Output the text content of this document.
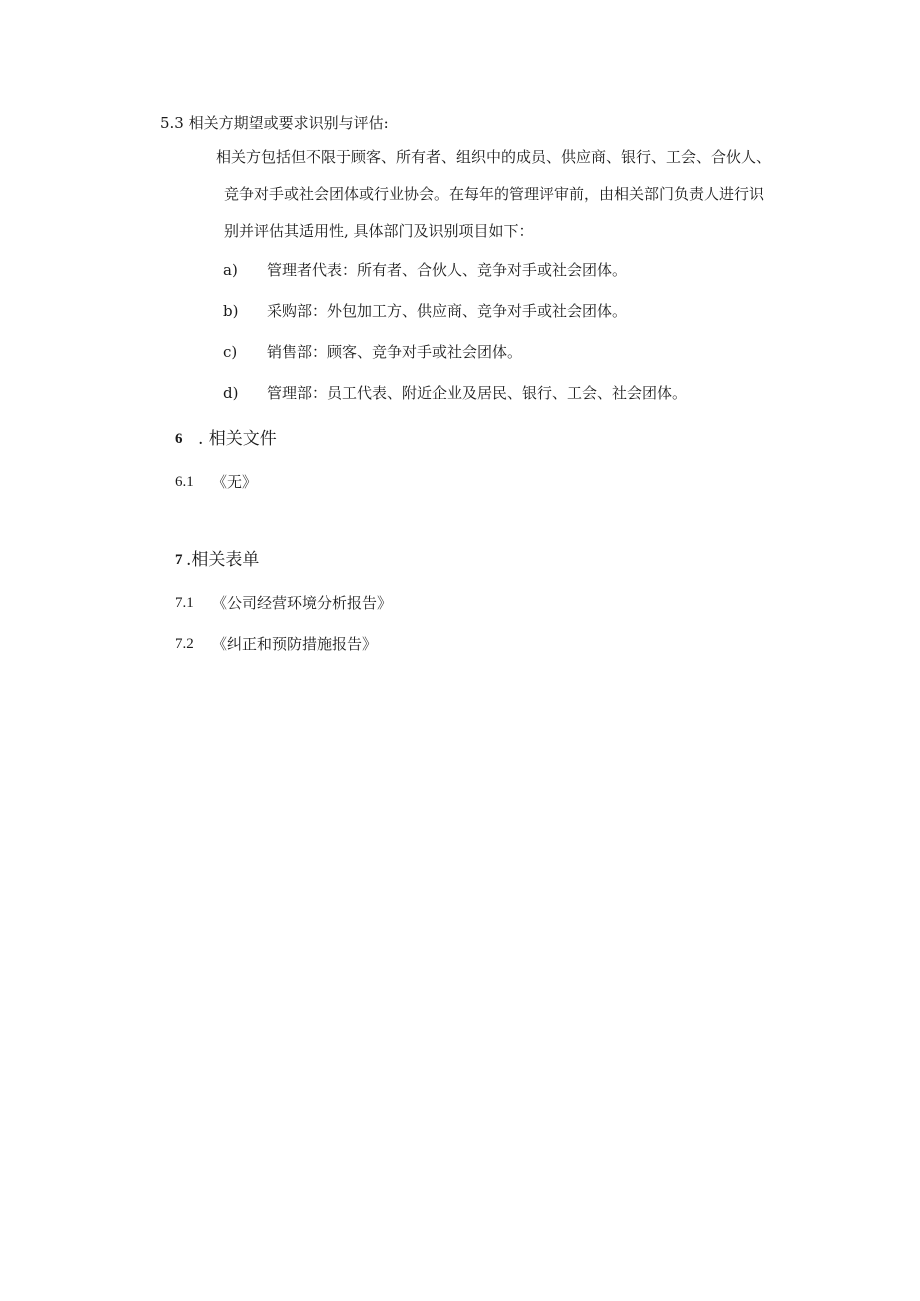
5.3 相关方期望或要求识别与评估:
相关方包括但不限于顾客、所有者、组织中的成员、供应商、银行、工会、合伙人、
竞争对手或社会团体或行业协会。在每年的管理评审前，由相关部门负责人进行识
别并评估其适用性, 具体部门及识别项目如下：
a) 管理者代表：所有者、合伙人、竞争对手或社会团体。
b) 采购部：外包加工方、供应商、竞争对手或社会团体。
c) 销售部：顾客、竞争对手或社会团体。
d) 管理部：员工代表、附近企业及居民、银行、工会、社会团体。
6 . 相关文件
6.1 《无》
7 .相关表单
7.1 《公司经营环境分析报告》
7.2 《纠正和预防措施报告》
